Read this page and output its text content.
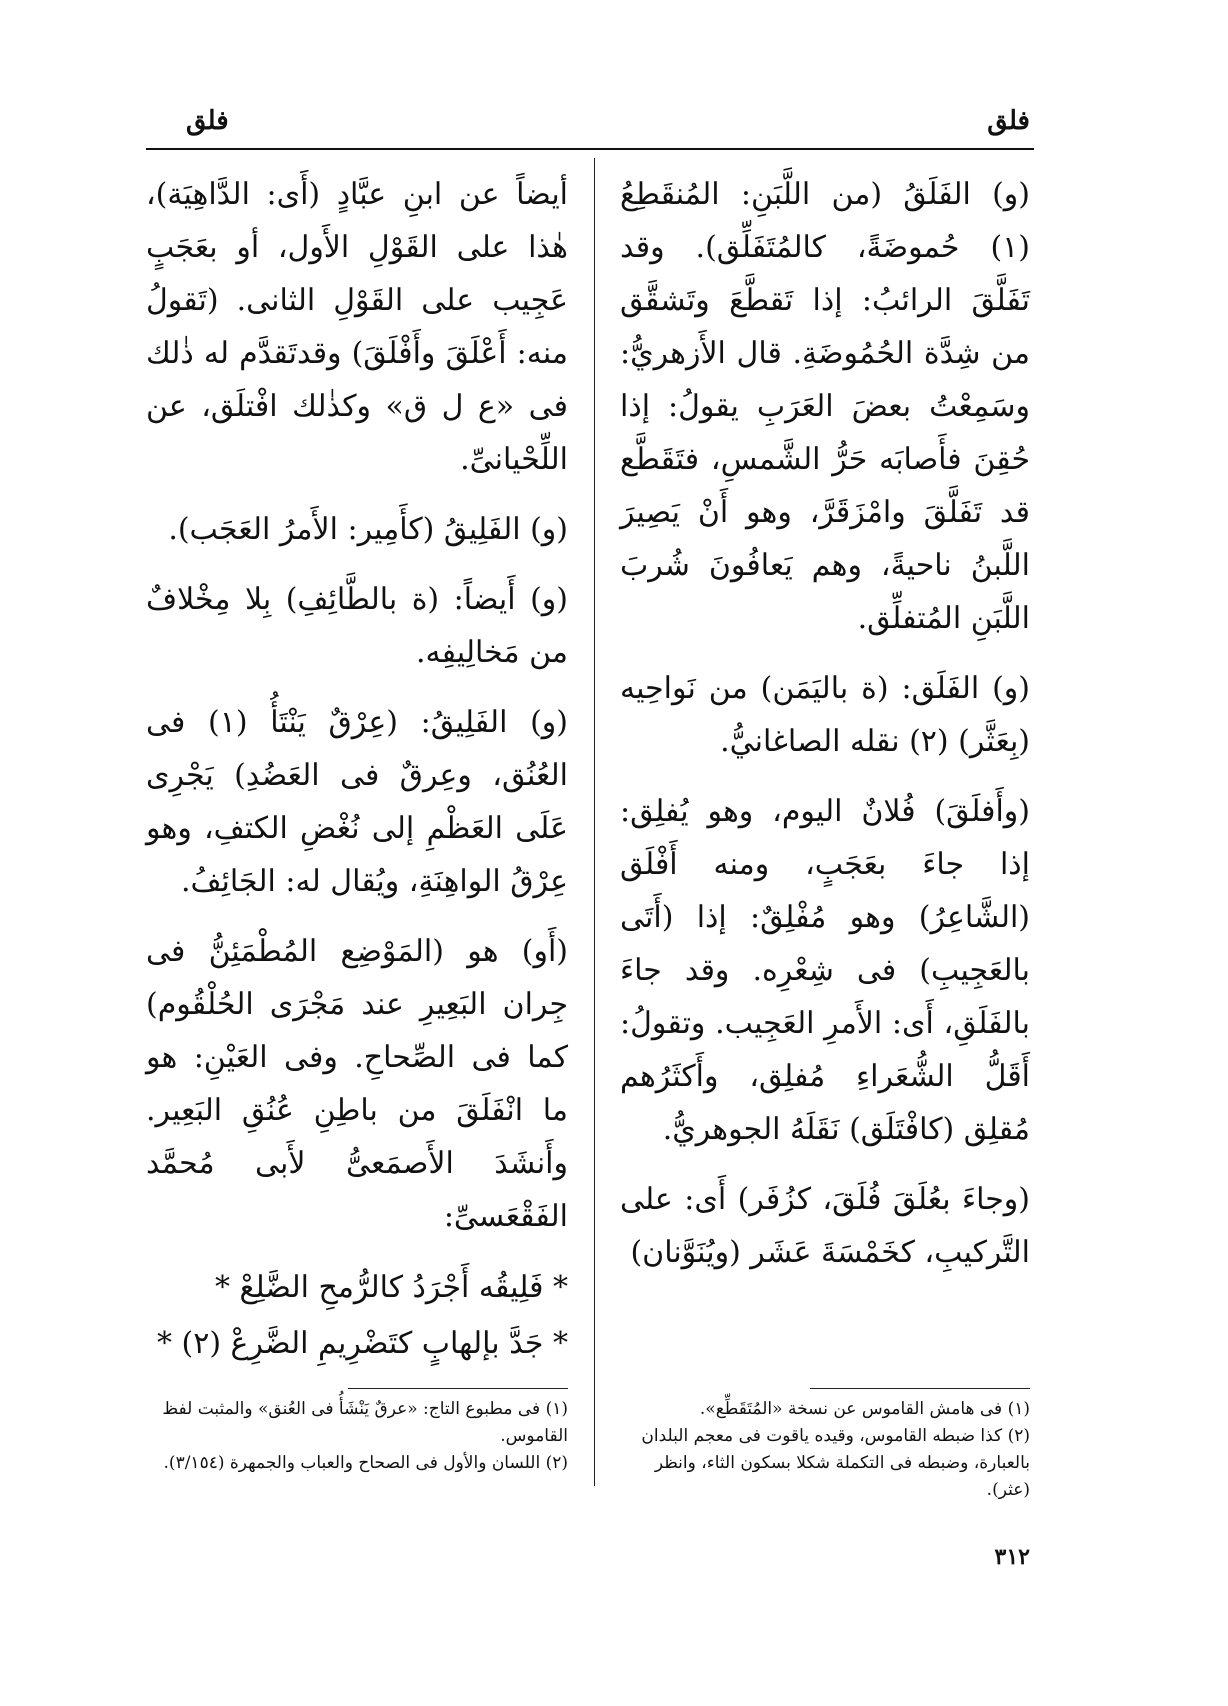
فلق
فلق

(و) الفَلَقُ (من اللَّبَنِ: المُنقَطِعُ (١) حُموضَةً، كالمُتَفَلِّق). وقد تَفَلَّقَ الرائبُ: إذا تَقطَّعَ وتَشقَّق من شِدَّة الحُمُوضَةِ. قال الأَزهريُّ: وسَمِعْتُ بعضَ العَرَبِ يقولُ: إذا حُقِنَ فأَصابَه حَرُّ الشَّمسِ، فتَقَطَّع قد تَفَلَّقَ وامْزَقَرَّ، وهو أَنْ يَصِيرَ اللَّبنُ ناحيةً، وهم يَعافُونَ شُربَ اللَّبَنِ المُتفلِّق.

(و) الفَلَق: (ة باليَمَن) من نَواحِيه (بِعَثَّر) (٢) نقله الصاغانيُّ.

(وأَفلَقَ) فُلانٌ اليوم، وهو يُفلِق: إذا جاءَ بعَجَبٍ، ومنه أَفْلَق (الشَّاعِرُ) وهو مُفْلِقٌ: إذا (أَتَى بالعَجِيبِ) فى شِعْرِه. وقد جاءَ بالفَلَقِ، أَى: الأَمرِ العَجِيب. وتقولُ: أَقَلُّ الشُّعَراءِ مُفلِق، وأَكثَرُهم مُقلِق (كافْتَلَق) نَقَلَهُ الجوهريُّ.

(وجاءَ بعُلَقَ فُلَقَ، كزُفَر) أَى: على التَّركيبِ، كخَمْسَةَ عَشَر (ويُنَوَّنان)

أيضاً عن ابنِ عبَّادٍ (أَى: الدَّاهِيَة)، هٰذا على القَوْلِ الأَول، أو بعَجَبٍ عَجِيب على القَوْلِ الثانى. (تَقولُ منه: أَعْلَقَ وأَفْلَقَ) وقدتَقدَّم له ذٰلك فى «ع ل ق» وكذٰلك افْتلَق، عن اللِّحْيانىِّ.

(و) الفَلِيقُ (كأَمِير: الأَمرُ العَجَب).

(و) أَيضاً: (ة بالطَّائِفِ) بِلا مِخْلافٌ من مَخالِيفِه.

(و) الفَلِيقُ: (عِرْقٌ يَنْتَأُ (١) فى العُنُق، وعِرقٌ فى العَضُدِ) يَجْرِى عَلَى العَظْمِ إلى نُغْضِ الكتفِ، وهو عِرْقُ الواهِنَةِ، ويُقال له: الجَائِفُ.

(أَو) هو (المَوْضِع المُطْمَئِنُّ فى جِران البَعِيرِ عند مَجْرَى الحُلْقُوم) كما فى الصِّحاحِ. وفى العَيْنِ: هو ما انْفَلَقَ من باطِنِ عُنُقِ البَعِير. وأَنشَدَ الأَصمَعىُّ لأَبى مُحمَّد الفَقْعَسىِّ:

* فَلِيقُه أَجْرَدُ كالرُّمحِ الضَّلِعْ *

* جَدَّ بإلهابٍ كتَضْرِيمِ الضَّرِعْ (٢) *

(١) فى هامش القاموس عن نسخة «المُتَقَطِّع».

(٢) كذا ضبطه القاموس، وقيده ياقوت فى معجم البلدان بالعبارة، وضبطه فى التكملة شكلا بسكون الثاء، وانظر (عثر).

(١) فى مطبوع التاج: «عرقٌ يَنْشَأُ فى العُنق» والمثبت لفظ القاموس.

(٢) اللسان والأول فى الصحاح والعباب والجمهرة (٣/١٥٤).

٣١٢
